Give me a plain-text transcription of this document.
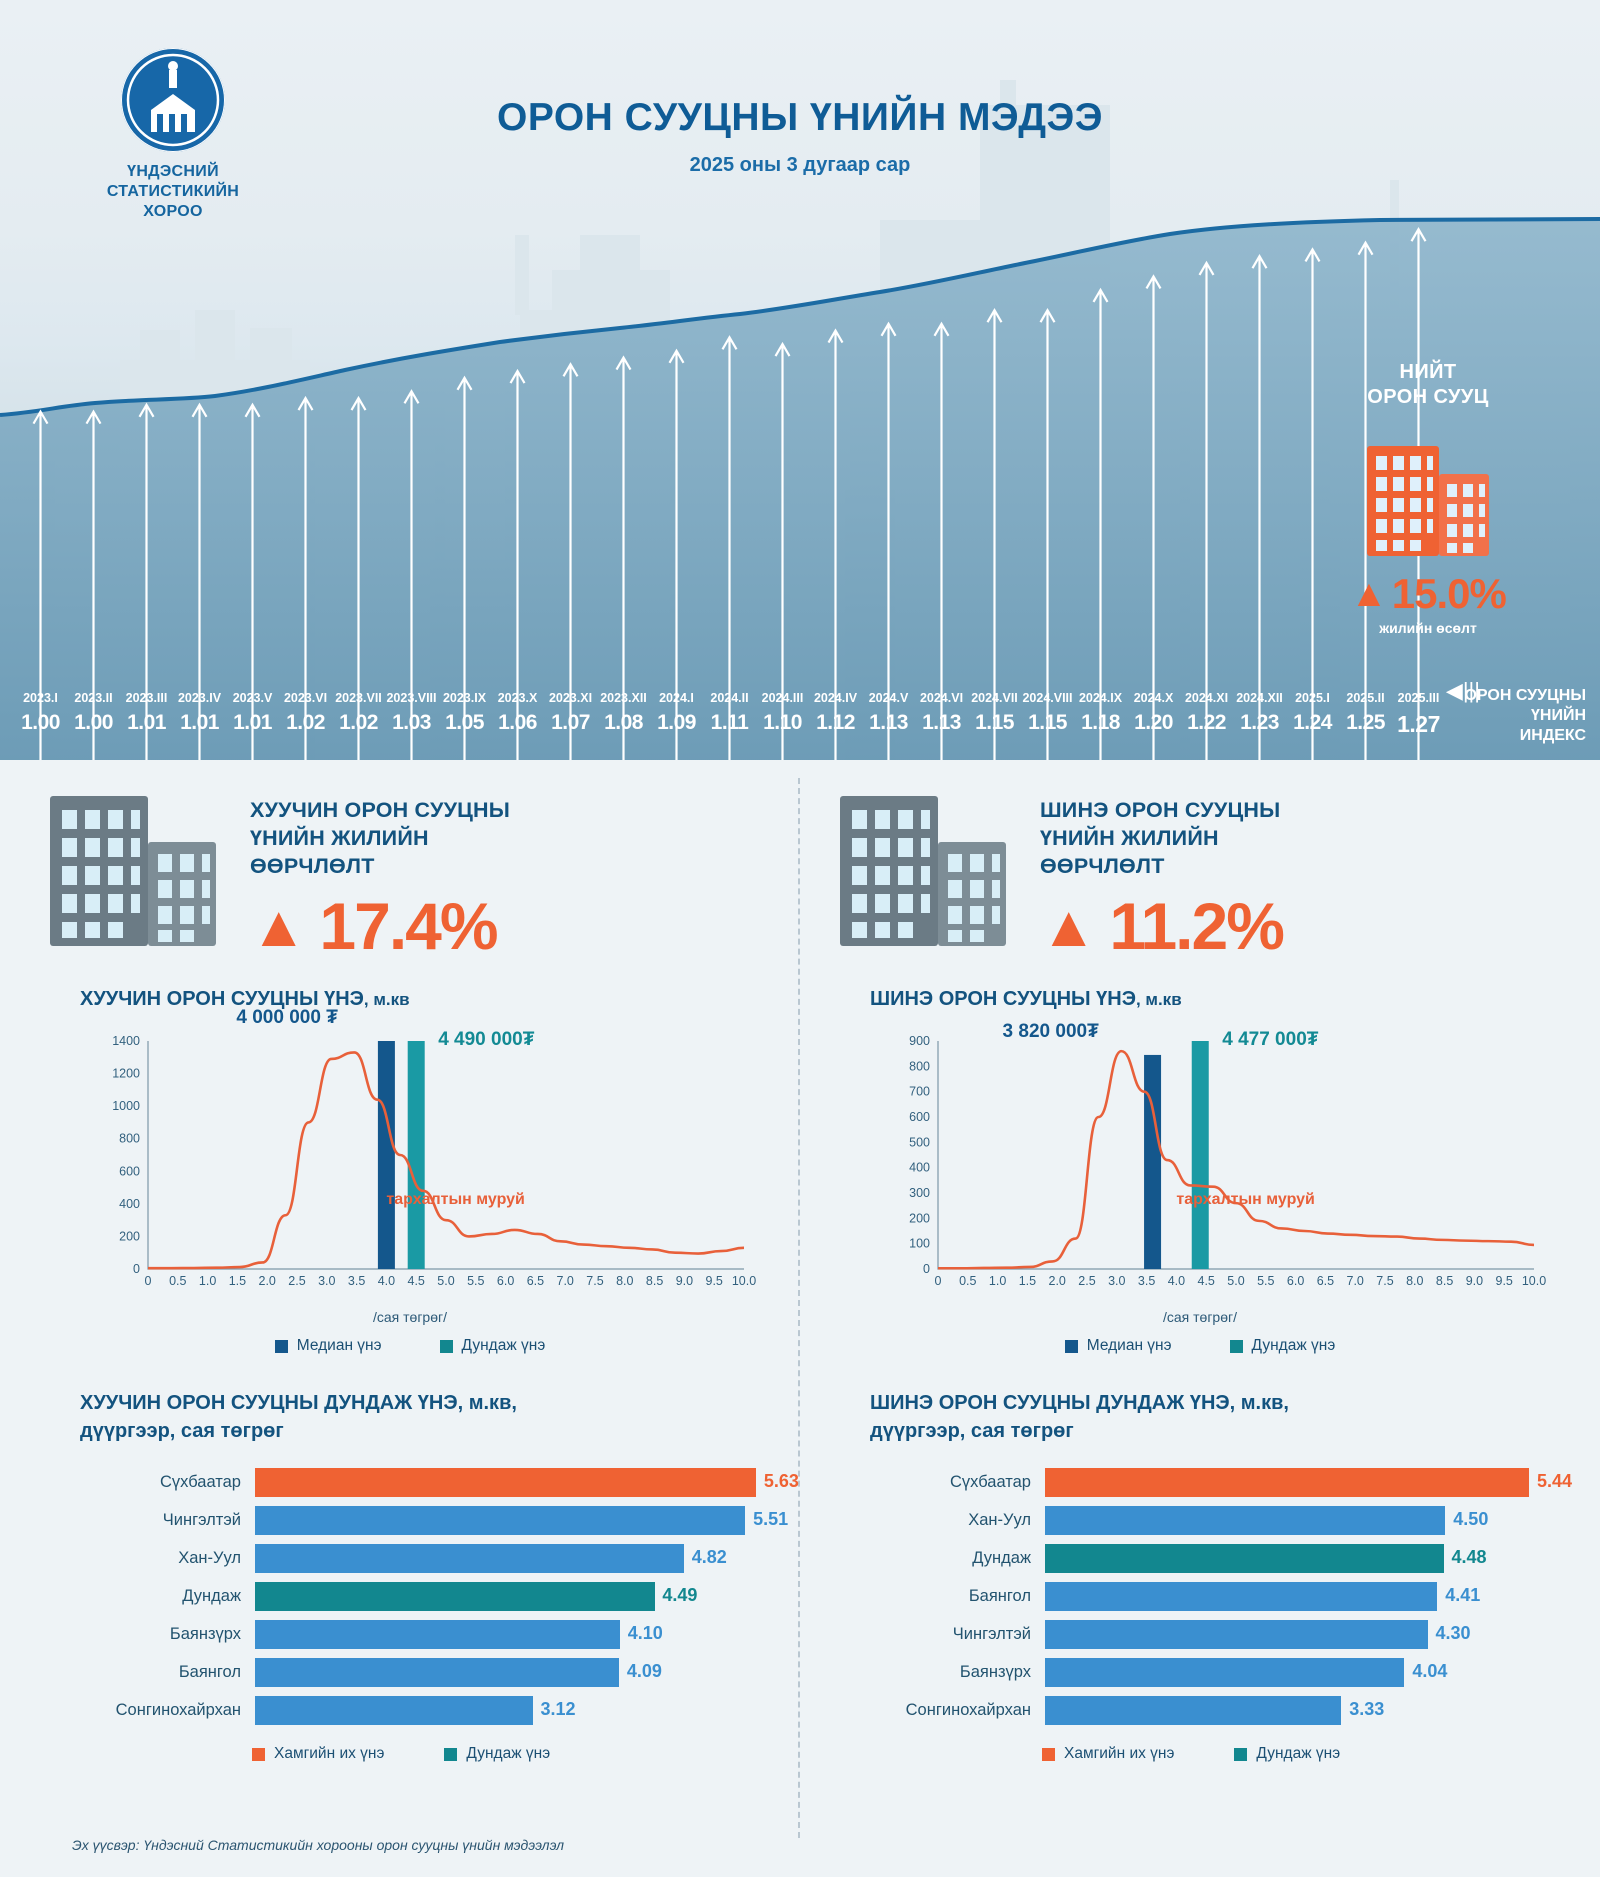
ҮНДЭСНИЙ
СТАТИСТИКИЙН
ХОРОО
ОРОН СУУЦНЫ ҮНИЙН МЭДЭЭ
2025 оны 3 дугаар сар
НИЙТ
ОРОН СУУЦ
▲ 15.0%
жилийн өсөлт
2023.I	2023.II	2023.III 2023.IV 2023.V 2023.VI 2023.VII 2023.VIII 2023.IX 2023.X 2023.XI 2023.XII 2024.I	2024.II	2024.III 2024.IV 2024.V 2024.VI 2024.VII 2024.VIII 2024.IX 2024.X 2024.XI 2024.XII 2025.I	2025.II	2025.III
1.00 1.00 1.01 1.01 1.01 1.02 1.02 1.03 1.05 1.06 1.07 1.08 1.09 1.11 1.10 1.12 1.13 1.13 1.15 1.15 1.18 1.20 1.22 1.23 1.24 1.25 1.27
◀|||
ОРОН СУУЦНЫ
ҮНИЙН
ИНДЕКС
ХУУЧИН ОРОН СУУЦНЫ
ҮНИЙН ЖИЛИЙН
ӨӨРЧЛӨЛТ
▲ 17.4%
ХУУЧИН ОРОН СУУЦНЫ ҮНЭ, м.кв
0
200
400
600
800
1000
1200
1400
0 0.5 1.0 1.5 2.0 2.5 3.0 3.5 4.0 4.5 5.0 5.5 6.0 6.5 7.0 7.5 8.0 8.5 9.0 9.5 10.0
4 000 000 ₮
4 490 000₮
тархалтын муруй
/сая төгрөг/
Медиан үнэ	Дундаж үнэ
ХУУЧИН ОРОН СУУЦНЫ ДУНДАЖ ҮНЭ, м.кв,
дүүргээр, сая төгрөг
Сүхбаатар	5.63
Чингэлтэй	5.51
Хан-Уул	4.82
Дундаж	4.49
Баянзүрх	4.10
Баянгол	4.09
Сонгинохайрхан	3.12
Хамгийн их үнэ	Дундаж үнэ
ШИНЭ ОРОН СУУЦНЫ
ҮНИЙН ЖИЛИЙН
ӨӨРЧЛӨЛТ
▲ 11.2%
ШИНЭ ОРОН СУУЦНЫ ҮНЭ, м.кв
0
100
200
300
400
500
600
700
800
900
0 0.5 1.0 1.5 2.0 2.5 3.0 3.5 4.0 4.5 5.0 5.5 6.0 6.5 7.0 7.5 8.0 8.5 9.0 9.5 10.0
3 820 000₮	4 477 000₮
тархалтын муруй
/сая төгрөг/
Медиан үнэ	Дундаж үнэ
ШИНЭ ОРОН СУУЦНЫ ДУНДАЖ ҮНЭ, м.кв,
дүүргээр, сая төгрөг
Сүхбаатар	5.44
Хан-Уул	4.50
Дундаж	4.48
Баянгол	4.41
Чингэлтэй	4.30
Баянзүрх	4.04
Сонгинохайрхан	3.33
Хамгийн их үнэ	Дундаж үнэ
Эх үүсвэр: Үндэсний Статистикийн хорооны орон сууцны үнийн мэдээлэл
